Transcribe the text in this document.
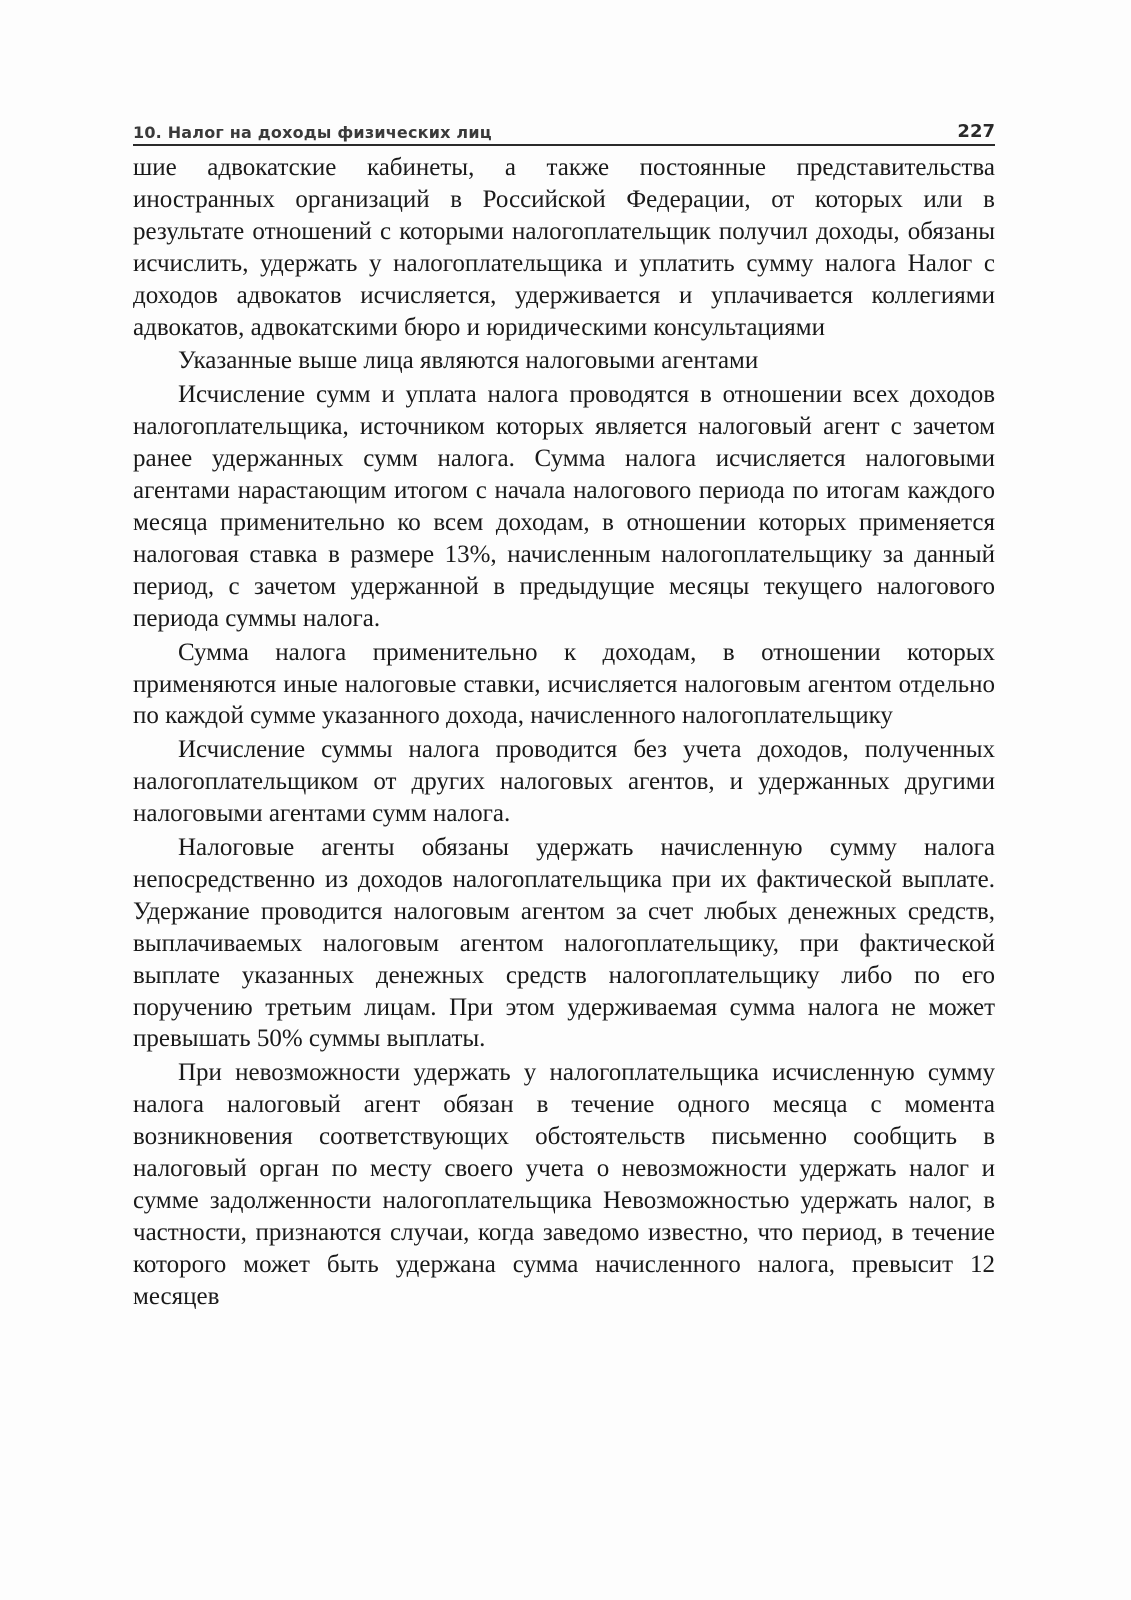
10. Налог на доходы физических лиц	227

шие адвокатские кабинеты, а также постоянные представительства иностранных организаций в Российской Федерации, от которых или в результате отношений с которыми налогоплательщик получил доходы, обязаны исчислить, удержать у налогоплательщика и уплатить сумму налога Налог с доходов адвокатов исчисляется, удерживается и уплачивается коллегиями адвокатов, адвокатскими бюро и юридическими консультациями

Указанные выше лица являются налоговыми агентами

Исчисление сумм и уплата налога проводятся в отношении всех доходов налогоплательщика, источником которых является налоговый агент с зачетом ранее удержанных сумм налога. Сумма налога исчисляется налоговыми агентами нарастающим итогом с начала налогового периода по итогам каждого месяца применительно ко всем доходам, в отношении которых применяется налоговая ставка в размере 13%, начисленным налогоплательщику за данный период, с зачетом удержанной в предыдущие месяцы текущего налогового периода суммы налога.

Сумма налога применительно к доходам, в отношении которых применяются иные налоговые ставки, исчисляется налоговым агентом отдельно по каждой сумме указанного дохода, начисленного налогоплательщику

Исчисление суммы налога проводится без учета доходов, полученных налогоплательщиком от других налоговых агентов, и удержанных другими налоговыми агентами сумм налога.

Налоговые агенты обязаны удержать начисленную сумму налога непосредственно из доходов налогоплательщика при их фактической выплате. Удержание проводится налоговым агентом за счет любых денежных средств, выплачиваемых налоговым агентом налогоплательщику, при фактической выплате указанных денежных средств налогоплательщику либо по его поручению третьим лицам. При этом удерживаемая сумма налога не может превышать 50% суммы выплаты.

При невозможности удержать у налогоплательщика исчисленную сумму налога налоговый агент обязан в течение одного месяца с момента возникновения соответствующих обстоятельств письменно сообщить в налоговый орган по месту своего учета о невозможности удержать налог и сумме задолженности налогоплательщика Невозможностью удержать налог, в частности, признаются случаи, когда заведомо известно, что период, в течение которого может быть удержана сумма начисленного налога, превысит 12 месяцев
